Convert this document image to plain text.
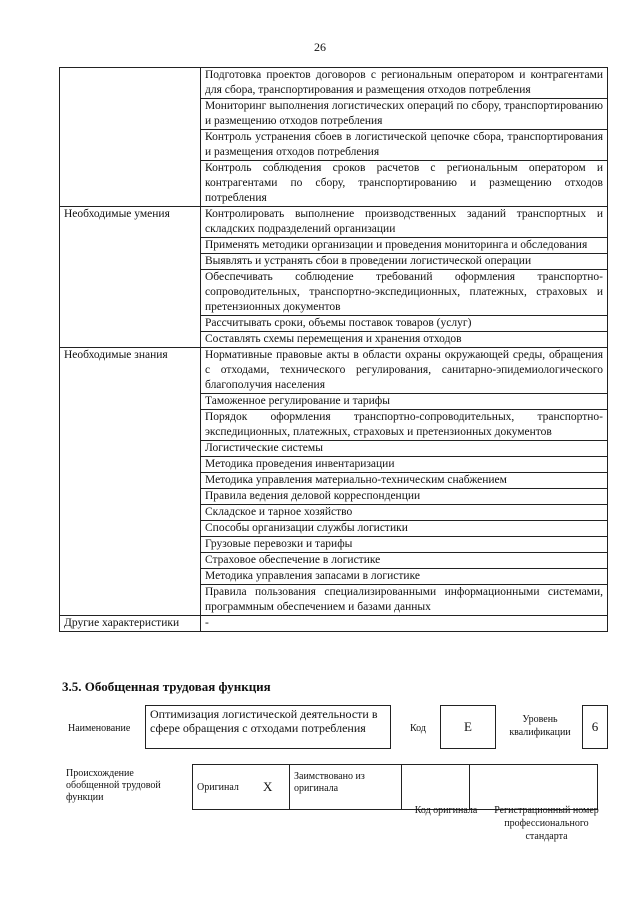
26
	Подготовка проектов договоров с региональным оператором и контрагентами для сбора, транспортирования и размещения отходов потребления
	Мониторинг выполнения логистических операций по сбору, транспортированию и размещению отходов потребления
	Контроль устранения сбоев в логистической цепочке сбора, транспортирования и размещения отходов потребления
	Контроль соблюдения сроков расчетов с региональным оператором и контрагентами по сбору, транспортированию и размещению отходов потребления
Необходимые умения	Контролировать выполнение производственных заданий транспортных и складских подразделений организации
	Применять методики организации и проведения мониторинга и обследования
	Выявлять и устранять сбои в проведении логистической операции
	Обеспечивать соблюдение требований оформления транспортно-сопроводительных, транспортно-экспедиционных, платежных, страховых и претензионных документов
	Рассчитывать сроки, объемы поставок товаров (услуг)
	Составлять схемы перемещения и хранения отходов
Необходимые знания	Нормативные правовые акты в области охраны окружающей среды, обращения с отходами, технического регулирования, санитарно-эпидемиологического благополучия населения
	Таможенное регулирование и тарифы
	Порядок оформления транспортно-сопроводительных, транспортно-экспедиционных, платежных, страховых и претензионных документов
	Логистические системы
	Методика проведения инвентаризации
	Методика управления материально-техническим снабжением
	Правила ведения деловой корреспонденции
	Складское и тарное хозяйство
	Способы организации службы логистики
	Грузовые перевозки и тарифы
	Страховое обеспечение в логистике
	Методика управления запасами в логистике
	Правила пользования специализированными информационными системами, программным обеспечением и базами данных
Другие характеристики	-
3.5. Обобщенная трудовая функция
Наименование
Оптимизация логистической деятельности в сфере обращения с отходами потребления	Код	E	Уровень квалификации	6
Происхождение обобщенной трудовой функции
Оригинал	X	Заимствовано из оригинала		
Код оригинала	Регистрационный номер профессионального стандарта
